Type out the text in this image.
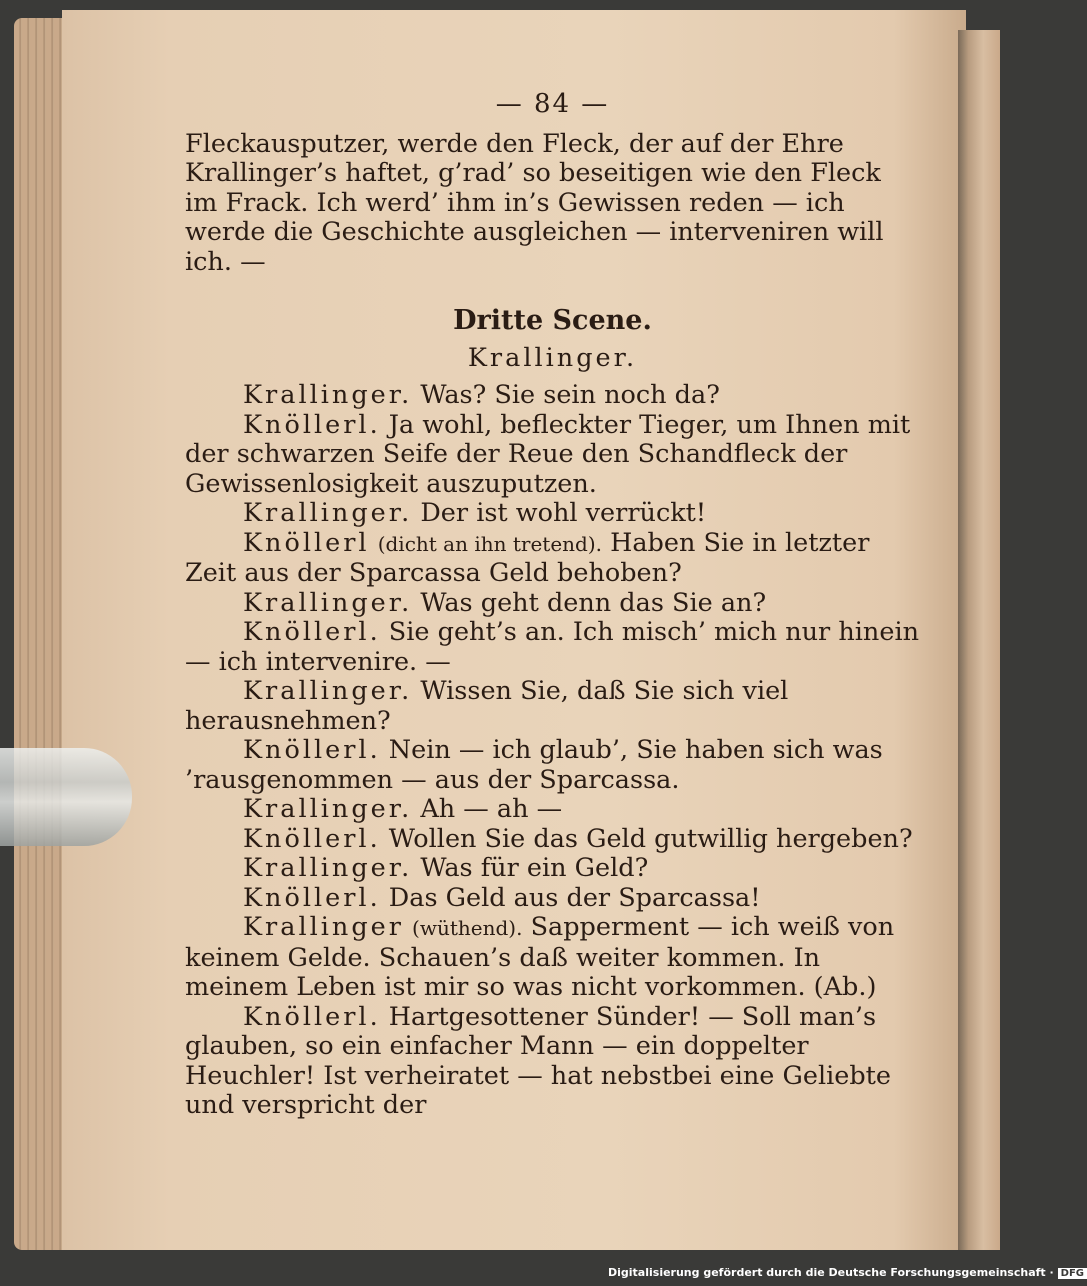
— 84 —

Fleckausputzer, werde den Fleck, der auf der Ehre Krallinger’s haftet, g’rad’ so beseitigen wie den Fleck im Frack. Ich werd’ ihm in’s Gewissen reden — ich werde die Geschichte ausgleichen — interveniren will ich. —

Dritte Scene.
Krallinger.

Krallinger. Was? Sie sein noch da?

Knöllerl. Ja wohl, befleckter Tieger, um Ihnen mit der schwarzen Seife der Reue den Schandfleck der Gewissenlosigkeit auszuputzen.

Krallinger. Der ist wohl verrückt!

Knöllerl (dicht an ihn tretend). Haben Sie in letzter Zeit aus der Sparcassa Geld behoben?

Krallinger. Was geht denn das Sie an?

Knöllerl. Sie geht’s an. Ich misch’ mich nur hinein — ich intervenire. —

Krallinger. Wissen Sie, daß Sie sich viel herausnehmen?

Knöllerl. Nein — ich glaub’, Sie haben sich was ’rausgenommen — aus der Sparcassa.

Krallinger. Ah — ah —

Knöllerl. Wollen Sie das Geld gutwillig hergeben?

Krallinger. Was für ein Geld?

Knöllerl. Das Geld aus der Sparcassa!

Krallinger (wüthend). Sapperment — ich weiß von keinem Gelde. Schauen’s daß weiter kommen. In meinem Leben ist mir so was nicht vorkommen. (Ab.)

Knöllerl. Hartgesottener Sünder! — Soll man’s glauben, so ein einfacher Mann — ein doppelter Heuchler! Ist verheiratet — hat nebstbei eine Geliebte und verspricht der

Digitalisierung gefördert durch die Deutsche Forschungsgemeinschaft · DFG
